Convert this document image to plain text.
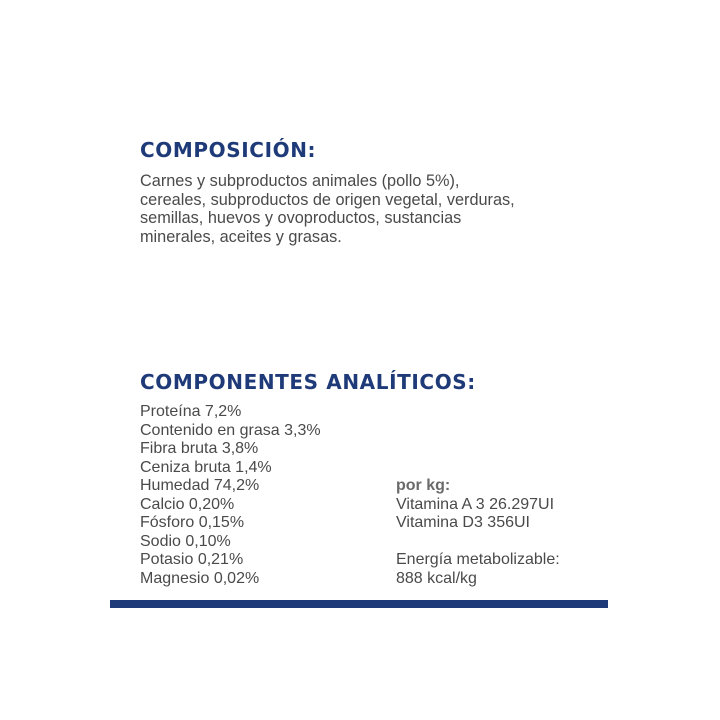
COMPOSICIÓN:

Carnes y subproductos animales (pollo 5%),
cereales, subproductos de origen vegetal, verduras,
semillas, huevos y ovoproductos, sustancias
minerales, aceites y grasas.

COMPONENTES ANALÍTICOS:
Proteína 7,2%
Contenido en grasa 3,3%
Fibra bruta 3,8%
Ceniza bruta 1,4%
Humedad 74,2%
Calcio 0,20%
Fósforo 0,15%
Sodio 0,10%
Potasio 0,21%
Magnesio 0,02%
por kg:
Vitamina A 3 26.297UI
Vitamina D3 356UI
Energía metabolizable:
888 kcal/kg
